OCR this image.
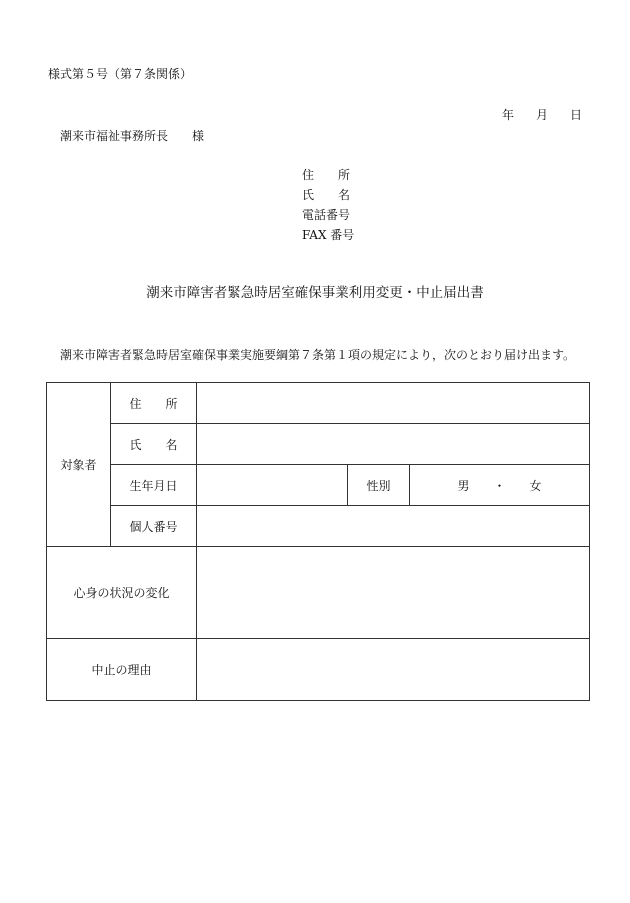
様式第５号（第７条関係）
年 月 日
潮来市福祉事務所長 様
住 所
氏 名
電話番号
FAX 番号
潮来市障害者緊急時居室確保事業利用変更・中止届出書
潮来市障害者緊急時居室確保事業実施要綱第７条第１項の規定により，次のとおり届け出ます。
対象者	住 所	

	氏 名	

	生年月日		性別	男 ・ 女
	個人番号	

心身の状況の変化	

中止の理由	
